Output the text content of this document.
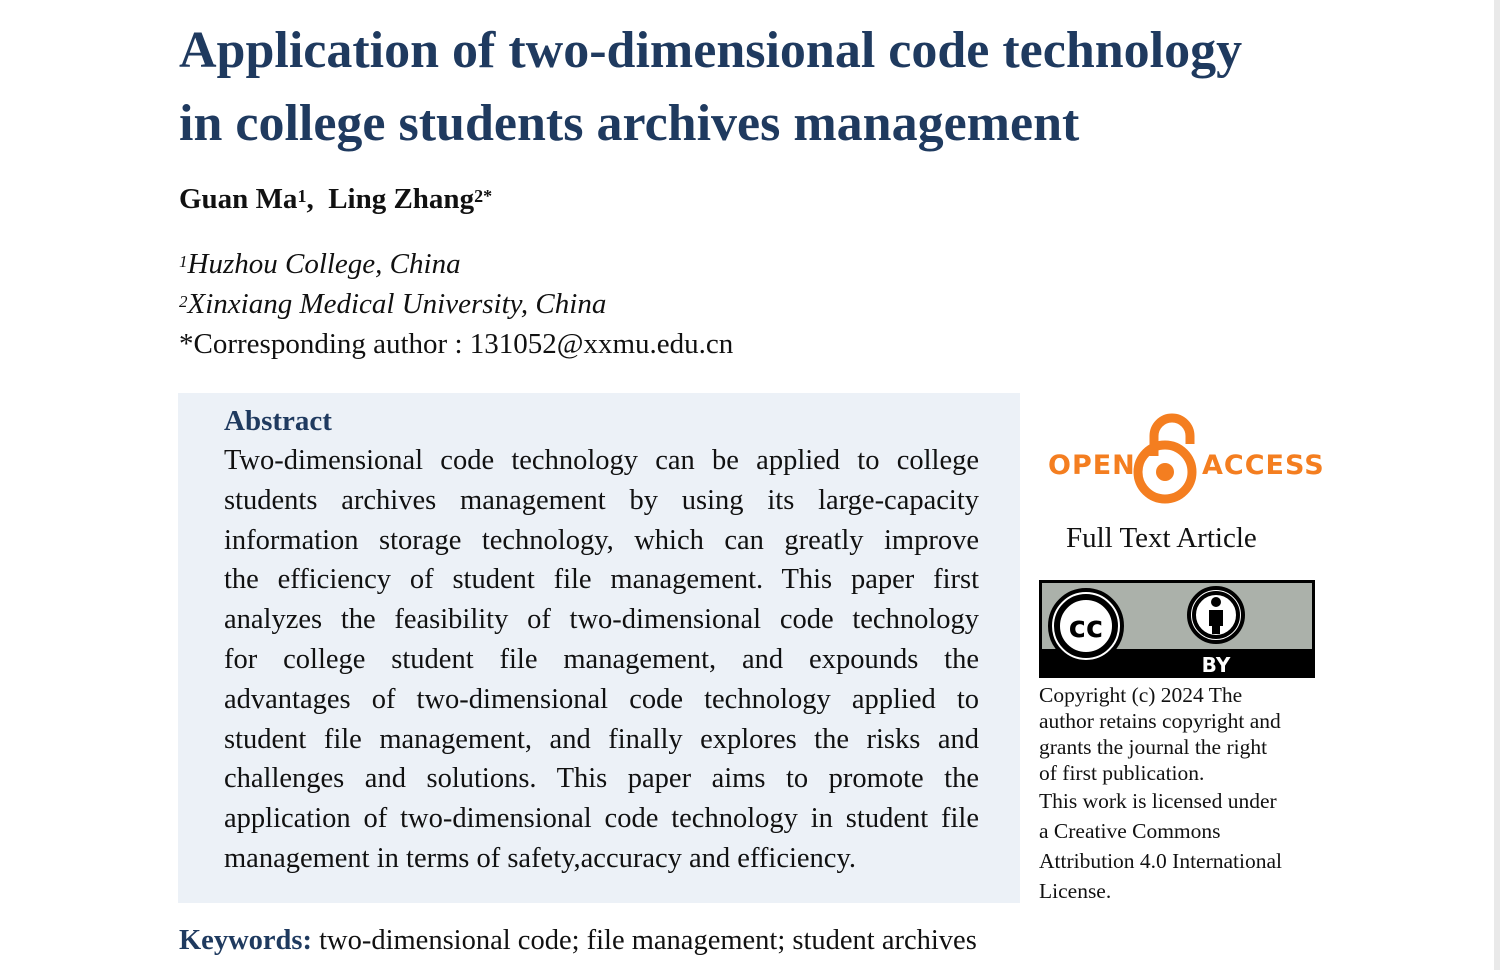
Application of two-dimensional code technology
in college students archives management
Guan Ma$^1$,  Ling Zhang$^{2*}$
$^1$Huzhou College, China
$^2$Xinxiang Medical University, China
*Corresponding author : 131052@xxmu.edu.cn
Abstract

Two-dimensional code technology can be applied to college
students archives management by using its large-capacity
information storage technology, which can greatly improve
the efficiency of student file management. This paper first
analyzes the feasibility of two-dimensional code technology
for college student file management, and expounds the
advantages of two-dimensional code technology applied to
student file management, and finally explores the risks and
challenges and solutions. This paper aims to promote the
application of two-dimensional code technology in student file
management in terms of safety,accuracy and efficiency.

Keywords: two-dimensional code; file management; student archives
OPEN ACCESS
Full Text Article
cc
BY
Copyright (c) 2024 The
author retains copyright and
grants the journal the right
of first publication.
This work is licensed under
a Creative Commons
Attribution 4.0 International
License.
